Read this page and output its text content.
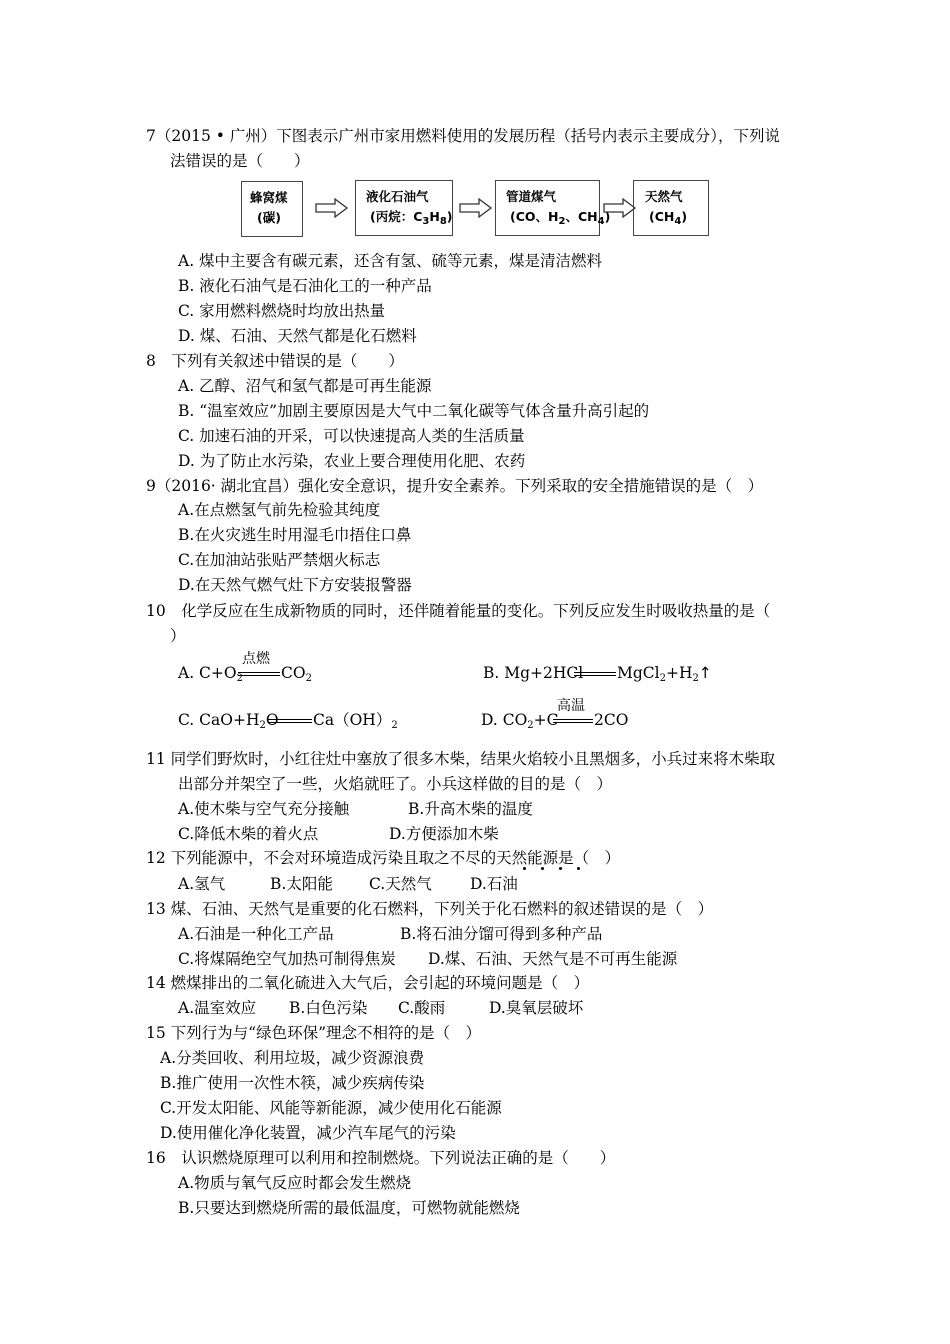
7（2015 • 广州）下图表示广州市家用燃料使用的发展历程（括号内表示主要成分），下列说
法错误的是（　　）
蜂窝煤
(碳)
液化石油气
(丙烷：$C_3H_8$)
管道煤气
(CO、$H_2$、$CH_4$)
天然气
$(CH_4)$
A. 煤中主要含有碳元素，还含有氢、硫等元素，煤是清洁燃料
B. 液化石油气是石油化工的一种产品
C. 家用燃料燃烧时均放出热量
D. 煤、石油、天然气都是化石燃料
8　下列有关叙述中错误的是（　　）
A. 乙醇、沼气和氢气都是可再生能源
B. “温室效应”加剧主要原因是大气中二氧化碳等气体含量升高引起的
C. 加速石油的开采，可以快速提高人类的生活质量
D. 为了防止水污染，农业上要合理使用化肥、农药
9（2016· 湖北宜昌）强化安全意识，提升安全素养。下列采取的安全措施错误的是（　）
A.在点燃氢气前先检验其纯度
B.在火灾逃生时用湿毛巾捂住口鼻
C.在加油站张贴严禁烟火标志
D.在天然气燃气灶下方安装报警器
10　化学反应在生成新物质的同时，还伴随着能量的变化。下列反应发生时吸收热量的是（
）
A. $C+O_2$
点燃
$CO_2$	B. Mg+2HCl $MgCl_2+H_2↑$
C. $CaO+H_2O$ $Ca(OH)_2$	D. $CO_2+C$
高温
2CO
11 同学们野炊时，小红往灶中塞放了很多木柴，结果火焰较小且黑烟多，小兵过来将木柴取
出部分并架空了一些，火焰就旺了。小兵这样做的目的是（　）
A.使木柴与空气充分接触	B.升高木柴的温度
C.降低木柴的着火点	D.方便添加木柴
12 下列能源中，不会对环境造成污染且取之不尽的天然能源是（　）
A.氢气	B.太阳能 C.天然气 D.石油
13 煤、石油、天然气是重要的化石燃料，下列关于化石燃料的叙述错误的是（　）
A.石油是一种化工产品	B.将石油分馏可得到多种产品
C.将煤隔绝空气加热可制得焦炭 D.煤、石油、天然气是不可再生能源
14 燃煤排出的二氧化硫进入大气后，会引起的环境问题是（　）
A.温室效应 B.白色污染 C.酸雨	D.臭氧层破坏
15 下列行为与“绿色环保”理念不相符的是（　）
A.分类回收、利用垃圾，减少资源浪费
B.推广使用一次性木筷，减少疾病传染
C.开发太阳能、风能等新能源，减少使用化石能源
D.使用催化净化装置，减少汽车尾气的污染
16　认识燃烧原理可以利用和控制燃烧。下列说法正确的是（　　）
A.物质与氧气反应时都会发生燃烧
B.只要达到燃烧所需的最低温度，可燃物就能燃烧
